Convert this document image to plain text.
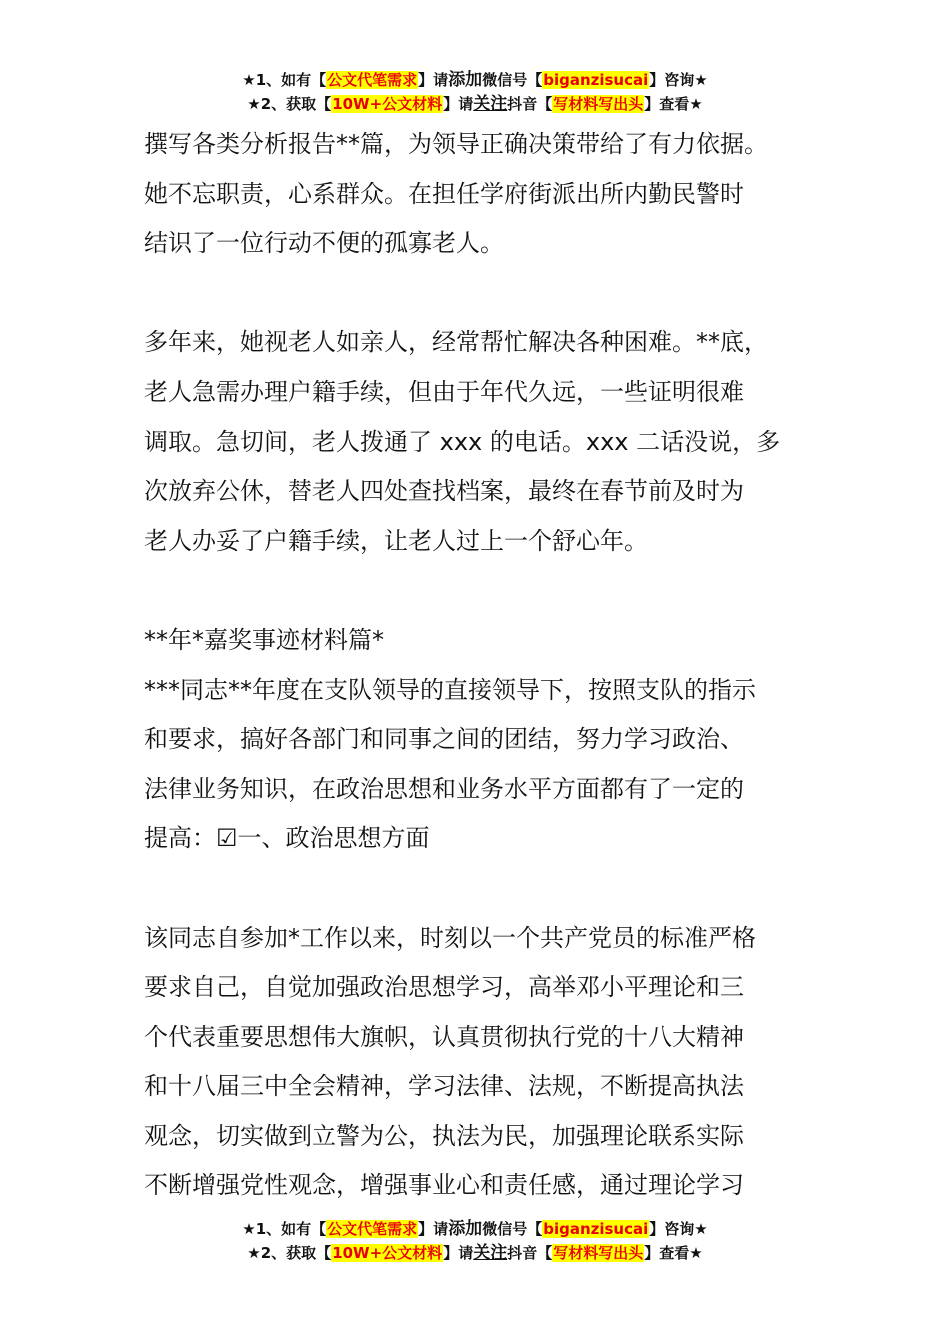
★1、如有【公文代笔需求】请添加微信号【biganzisucai】咨询★
★2、获取【10W+公文材料】请关注抖音【写材料写出头】查看★
撰写各类分析报告**篇，为领导正确决策带给了有力依据。
她不忘职责，心系群众。在担任学府街派出所内勤民警时
结识了一位行动不便的孤寡老人。
多年来，她视老人如亲人，经常帮忙解决各种困难。**底，
老人急需办理户籍手续，但由于年代久远，一些证明很难
调取。急切间，老人拨通了 xxx 的电话。xxx 二话没说，多
次放弃公休，替老人四处查找档案，最终在春节前及时为
老人办妥了户籍手续，让老人过上一个舒心年。
**年*嘉奖事迹材料篇*
***同志**年度在支队领导的直接领导下，按照支队的指示
和要求，搞好各部门和同事之间的团结，努力学习政治、
法律业务知识，在政治思想和业务水平方面都有了一定的
提高：☑一、政治思想方面
该同志自参加*工作以来，时刻以一个共产党员的标准严格
要求自己，自觉加强政治思想学习，高举邓小平理论和三
个代表重要思想伟大旗帜，认真贯彻执行党的十八大精神
和十八届三中全会精神，学习法律、法规，不断提高执法
观念，切实做到立警为公，执法为民，加强理论联系实际
不断增强党性观念，增强事业心和责任感，通过理论学习
★1、如有【公文代笔需求】请添加微信号【biganzisucai】咨询★
★2、获取【10W+公文材料】请关注抖音【写材料写出头】查看★
